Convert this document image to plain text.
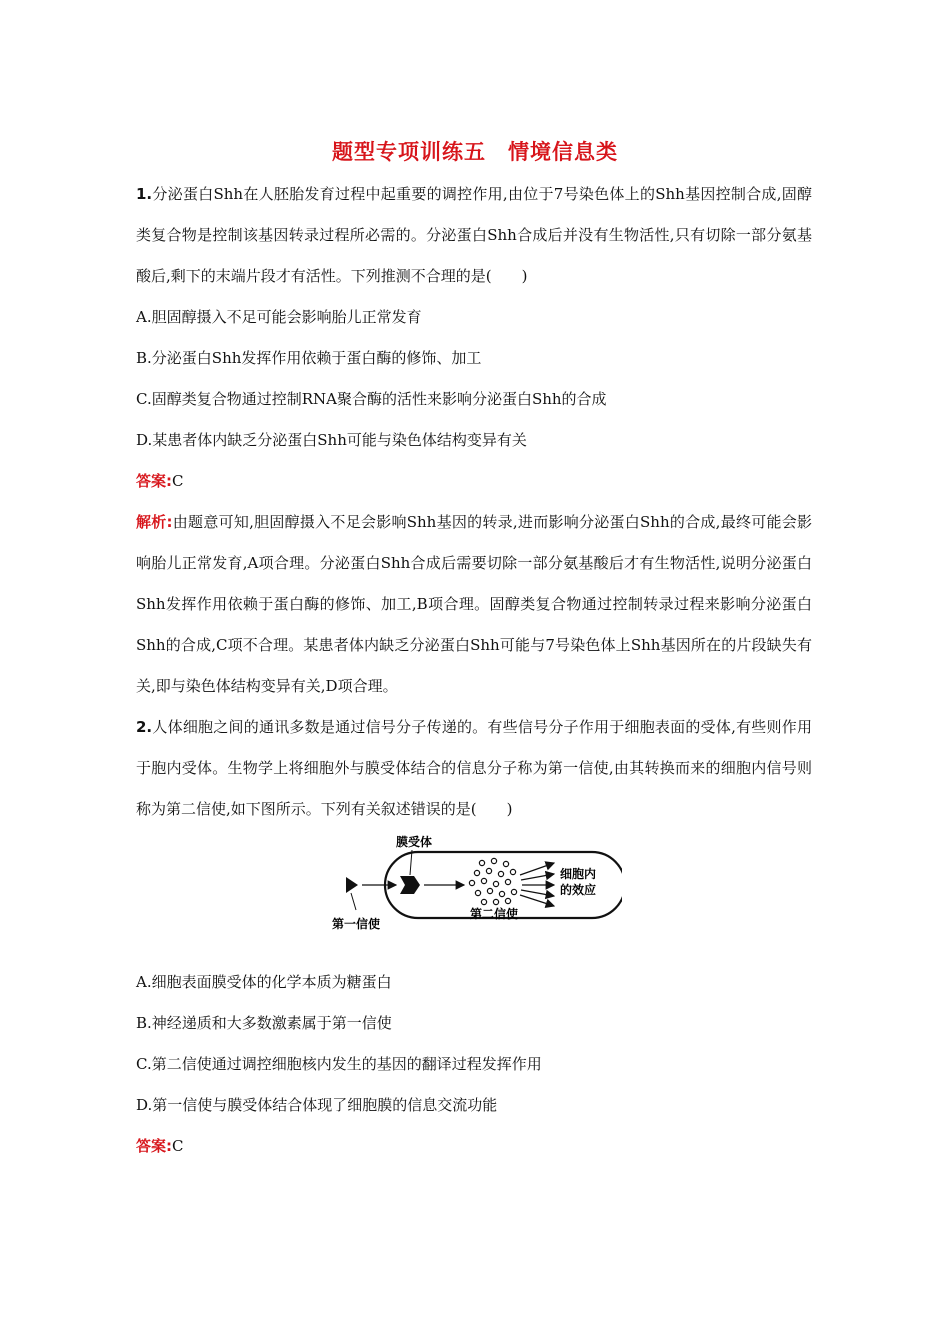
题型专项训练五　情境信息类

1.分泌蛋白Shh在人胚胎发育过程中起重要的调控作用,由位于7号染色体上的Shh基因控制合成,固醇类复合物是控制该基因转录过程所必需的。分泌蛋白Shh合成后并没有生物活性,只有切除一部分氨基酸后,剩下的末端片段才有活性。下列推测不合理的是(　　)

A.胆固醇摄入不足可能会影响胎儿正常发育

B.分泌蛋白Shh发挥作用依赖于蛋白酶的修饰、加工

C.固醇类复合物通过控制RNA聚合酶的活性来影响分泌蛋白Shh的合成

D.某患者体内缺乏分泌蛋白Shh可能与染色体结构变异有关

答案:C

解析:由题意可知,胆固醇摄入不足会影响Shh基因的转录,进而影响分泌蛋白Shh的合成,最终可能会影响胎儿正常发育,A项合理。分泌蛋白Shh合成后需要切除一部分氨基酸后才有生物活性,说明分泌蛋白Shh发挥作用依赖于蛋白酶的修饰、加工,B项合理。固醇类复合物通过控制转录过程来影响分泌蛋白Shh的合成,C项不合理。某患者体内缺乏分泌蛋白Shh可能与7号染色体上Shh基因所在的片段缺失有关,即与染色体结构变异有关,D项合理。

2.人体细胞之间的通讯多数是通过信号分子传递的。有些信号分子作用于细胞表面的受体,有些则作用于胞内受体。生物学上将细胞外与膜受体结合的信息分子称为第一信使,由其转换而来的细胞内信号则称为第二信使,如下图所示。下列有关叙述错误的是(　　)

膜受体
第一信使
第二信使
细胞内
的效应

A.细胞表面膜受体的化学本质为糖蛋白

B.神经递质和大多数激素属于第一信使

C.第二信使通过调控细胞核内发生的基因的翻译过程发挥作用

D.第一信使与膜受体结合体现了细胞膜的信息交流功能

答案:C
